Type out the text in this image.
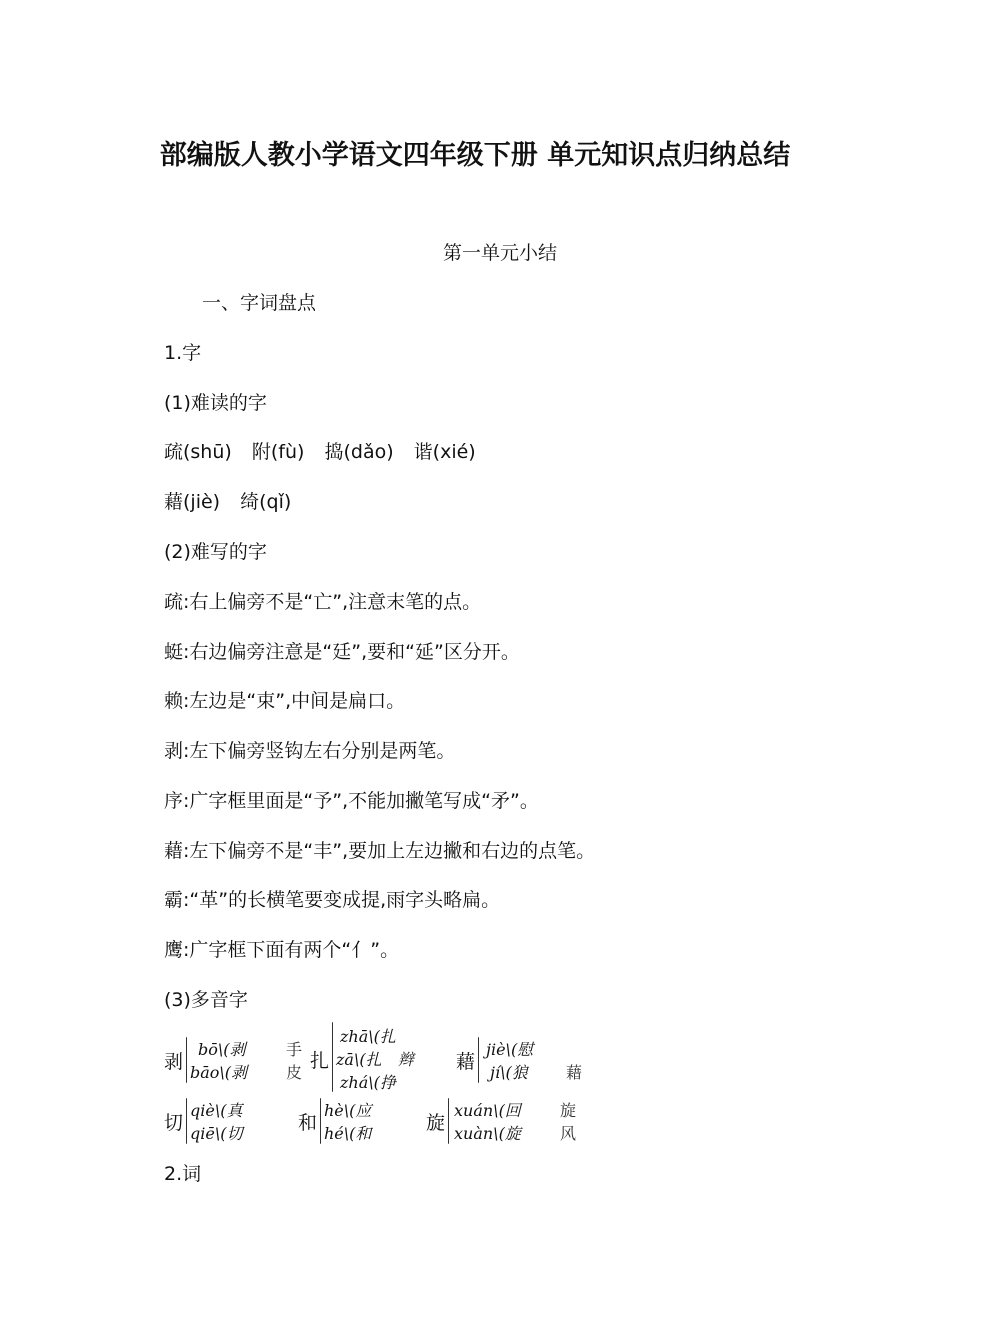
部编版人教小学语文四年级下册 单元知识点归纳总结
第一单元小结
一、字词盘点
1.字
(1)难读的字
疏(shū) 附(fù) 捣(dǎo) 谐(xié)
藉(jiè) 绮(qǐ)
(2)难写的字
疏:右上偏旁不是“亡”,注意末笔的点。
蜓:右边偏旁注意是“廷”,要和“延”区分开。
赖:左边是“束”,中间是扁口。
剥:左下偏旁竖钩左右分别是两笔。
序:广字框里面是“予”,不能加撇笔写成“矛”。
藉:左下偏旁不是“丰”,要加上左边撇和右边的点笔。
霸:“革”的长横笔要变成提,雨字头略扁。
鹰:广字框下面有两个“亻”。
(3)多音字
剥
bō\(剥
bāo\(剥
手
皮
扎
zhā\(扎
zā\(扎　辫
zhá\(挣
藉
jiè\(慰
jí\(狼 藉
切
qiè\(真
qiē\(切	和
hè\(应
hé\(和	旋
xuán\(回
xuàn\(旋
旋
风
2.词
